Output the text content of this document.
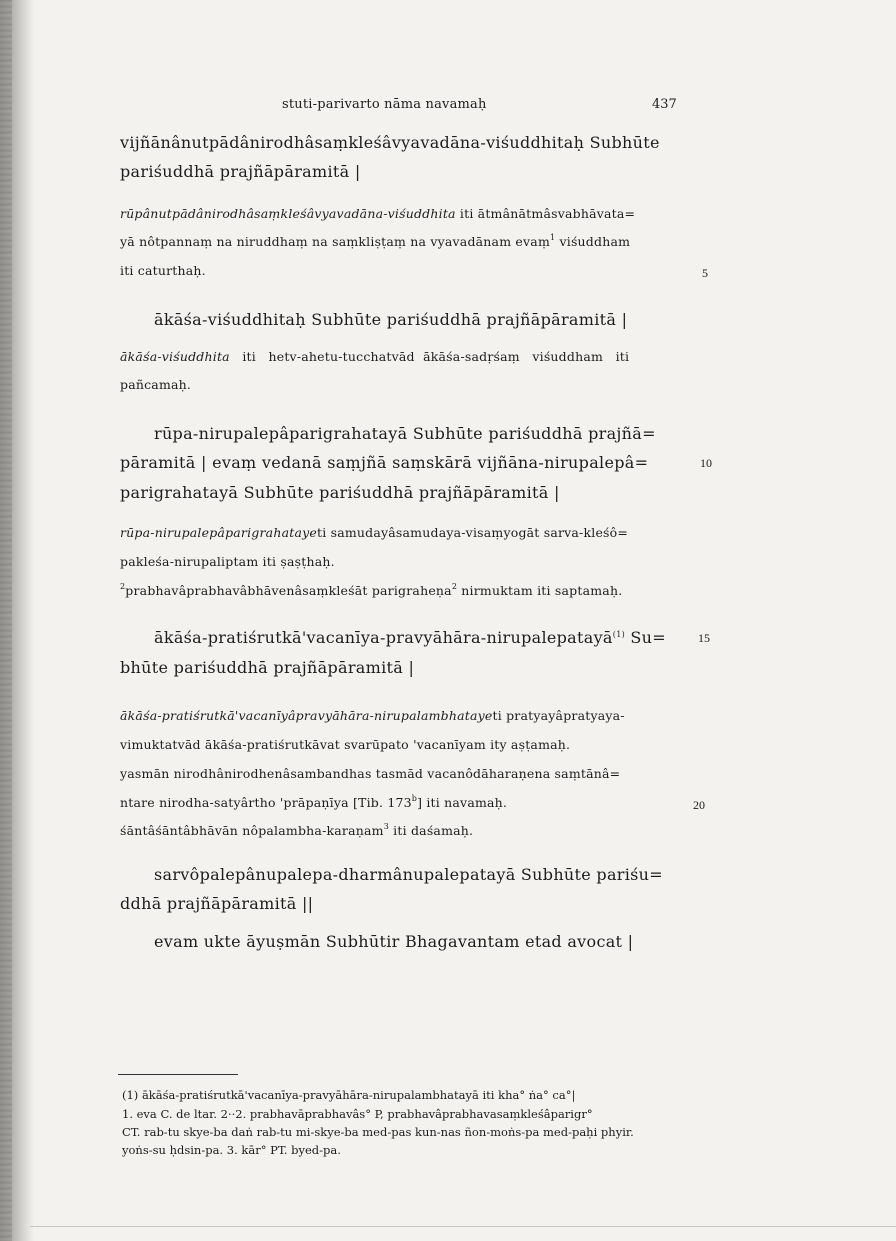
stuti-parivarto nāma navamaḥ	437
vijñānânutpādânirodhâsaṃkleśâvyavadāna-viśuddhitaḥ Subhūte
pariśuddhā prajñāpāramitā |
rūpânutpādânirodhâsaṃkleśâvyavadāna-viśuddhita iti ātmânātmâsvabhāvata=
yā nôtpannaṃ na niruddhaṃ na saṃkliṣṭaṃ na vyavadānam evaṃ$^1$ viśuddham
iti caturthaḥ.	5
ākāśa-viśuddhitaḥ Subhūte pariśuddhā prajñāpāramitā |
ākāśa-viśuddhita   iti   hetv-ahetu-tucchatvād  ākāśa-sadṛśaṃ   viśuddham   iti
pañcamaḥ.
rūpa-nirupalepâparigrahatayā Subhūte pariśuddhā prajñā=
pāramitā | evaṃ vedanā saṃjñā saṃskārā vijñāna-nirupalepâ=	10
parigrahatayā Subhūte pariśuddhā prajñāpāramitā |
rūpa-nirupalepâparigrahatayeti samudayâsamudaya-visaṃyogāt sarva-kleśô=
pakleśa-nirupaliptam iti ṣaṣṭhaḥ.
$^2$prabhavâprabhavâbhāvenâsaṃkleśāt parigraheṇa$^2$ nirmuktam iti saptamaḥ.
ākāśa-pratiśrutkā'vacanīya-pravyāhāra-nirupalepatayā$^{(1)}$ Su=	15
bhūte pariśuddhā prajñāpāramitā |
ākāśa-pratiśrutkā'vacanīyâpravyāhāra-nirupalambhatayeti pratyayâpratyaya-
vimuktatvād ākāśa-pratiśrutkāvat svarūpato 'vacanīyam ity aṣṭamaḥ.
yasmān nirodhânirodhenâsambandhas tasmād vacanôdāharaṇena saṃtānâ=
ntare nirodha-satyârtho 'prāpaṇīya [Tib. 173$^b$] iti navamaḥ.	20
śāntâśāntâbhāvān nôpalambha-karaṇam$^3$ iti daśamaḥ.
sarvôpalepânupalepa-dharmânupalepatayā Subhūte pariśu=
ddhā prajñāpāramitā ||
evam ukte āyuṣmān Subhūtir Bhagavantam etad avocat |
(1) ākāśa-pratiśrutkā'vacanīya-pravyāhāra-nirupalambhatayā iti kha° ṅa° ca°|
1. eva C. de ltar. 2··2. prabhavāprabhavâs° P, prabhavâprabhavasaṃkleśâparigr°
CT. rab-tu skye-ba daṅ rab-tu mi-skye-ba med-pas kun-nas ñon-moṅs-pa med-paḥi phyir.
yoṅs-su ḥdsin-pa. 3. kār° PT. byed-pa.
